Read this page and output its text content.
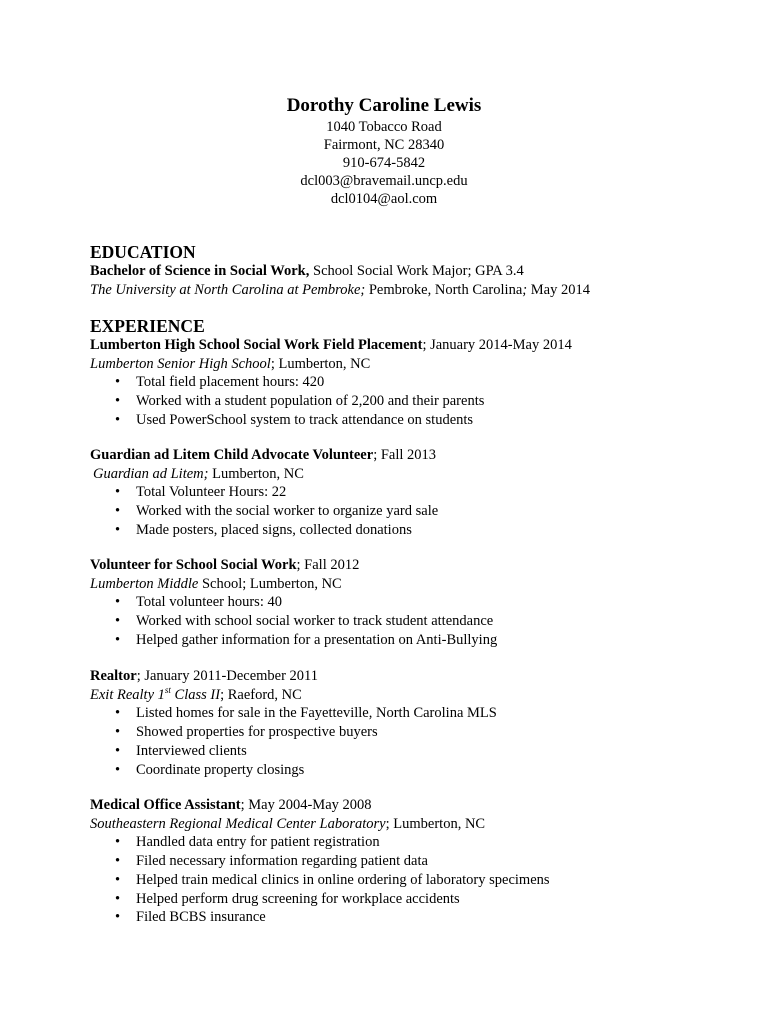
Dorothy Caroline Lewis
1040 Tobacco Road
Fairmont, NC 28340
910-674-5842
dcl003@bravemail.uncp.edu
dcl0104@aol.com
EDUCATION

Bachelor of Science in Social Work, School Social Work Major; GPA 3.4

The University at North Carolina at Pembroke; Pembroke, North Carolina; May 2014

EXPERIENCE

Lumberton High School Social Work Field Placement; January 2014-May 2014

Lumberton Senior High School; Lumberton, NC

• Total field placement hours: 420
• Worked with a student population of 2,200 and their parents
• Used PowerSchool system to track attendance on students

Guardian ad Litem Child Advocate Volunteer; Fall 2013

Guardian ad Litem; Lumberton, NC

• Total Volunteer Hours: 22
• Worked with the social worker to organize yard sale
• Made posters, placed signs, collected donations

Volunteer for School Social Work; Fall 2012

Lumberton Middle School; Lumberton, NC

• Total volunteer hours: 40
• Worked with school social worker to track student attendance
• Helped gather information for a presentation on Anti-Bullying

Realtor; January 2011-December 2011

Exit Realty 1st Class II; Raeford, NC

• Listed homes for sale in the Fayetteville, North Carolina MLS
• Showed properties for prospective buyers
• Interviewed clients
• Coordinate property closings

Medical Office Assistant; May 2004-May 2008

Southeastern Regional Medical Center Laboratory; Lumberton, NC

• Handled data entry for patient registration
• Filed necessary information regarding patient data
• Helped train medical clinics in online ordering of laboratory specimens
• Helped perform drug screening for workplace accidents
• Filed BCBS insurance
